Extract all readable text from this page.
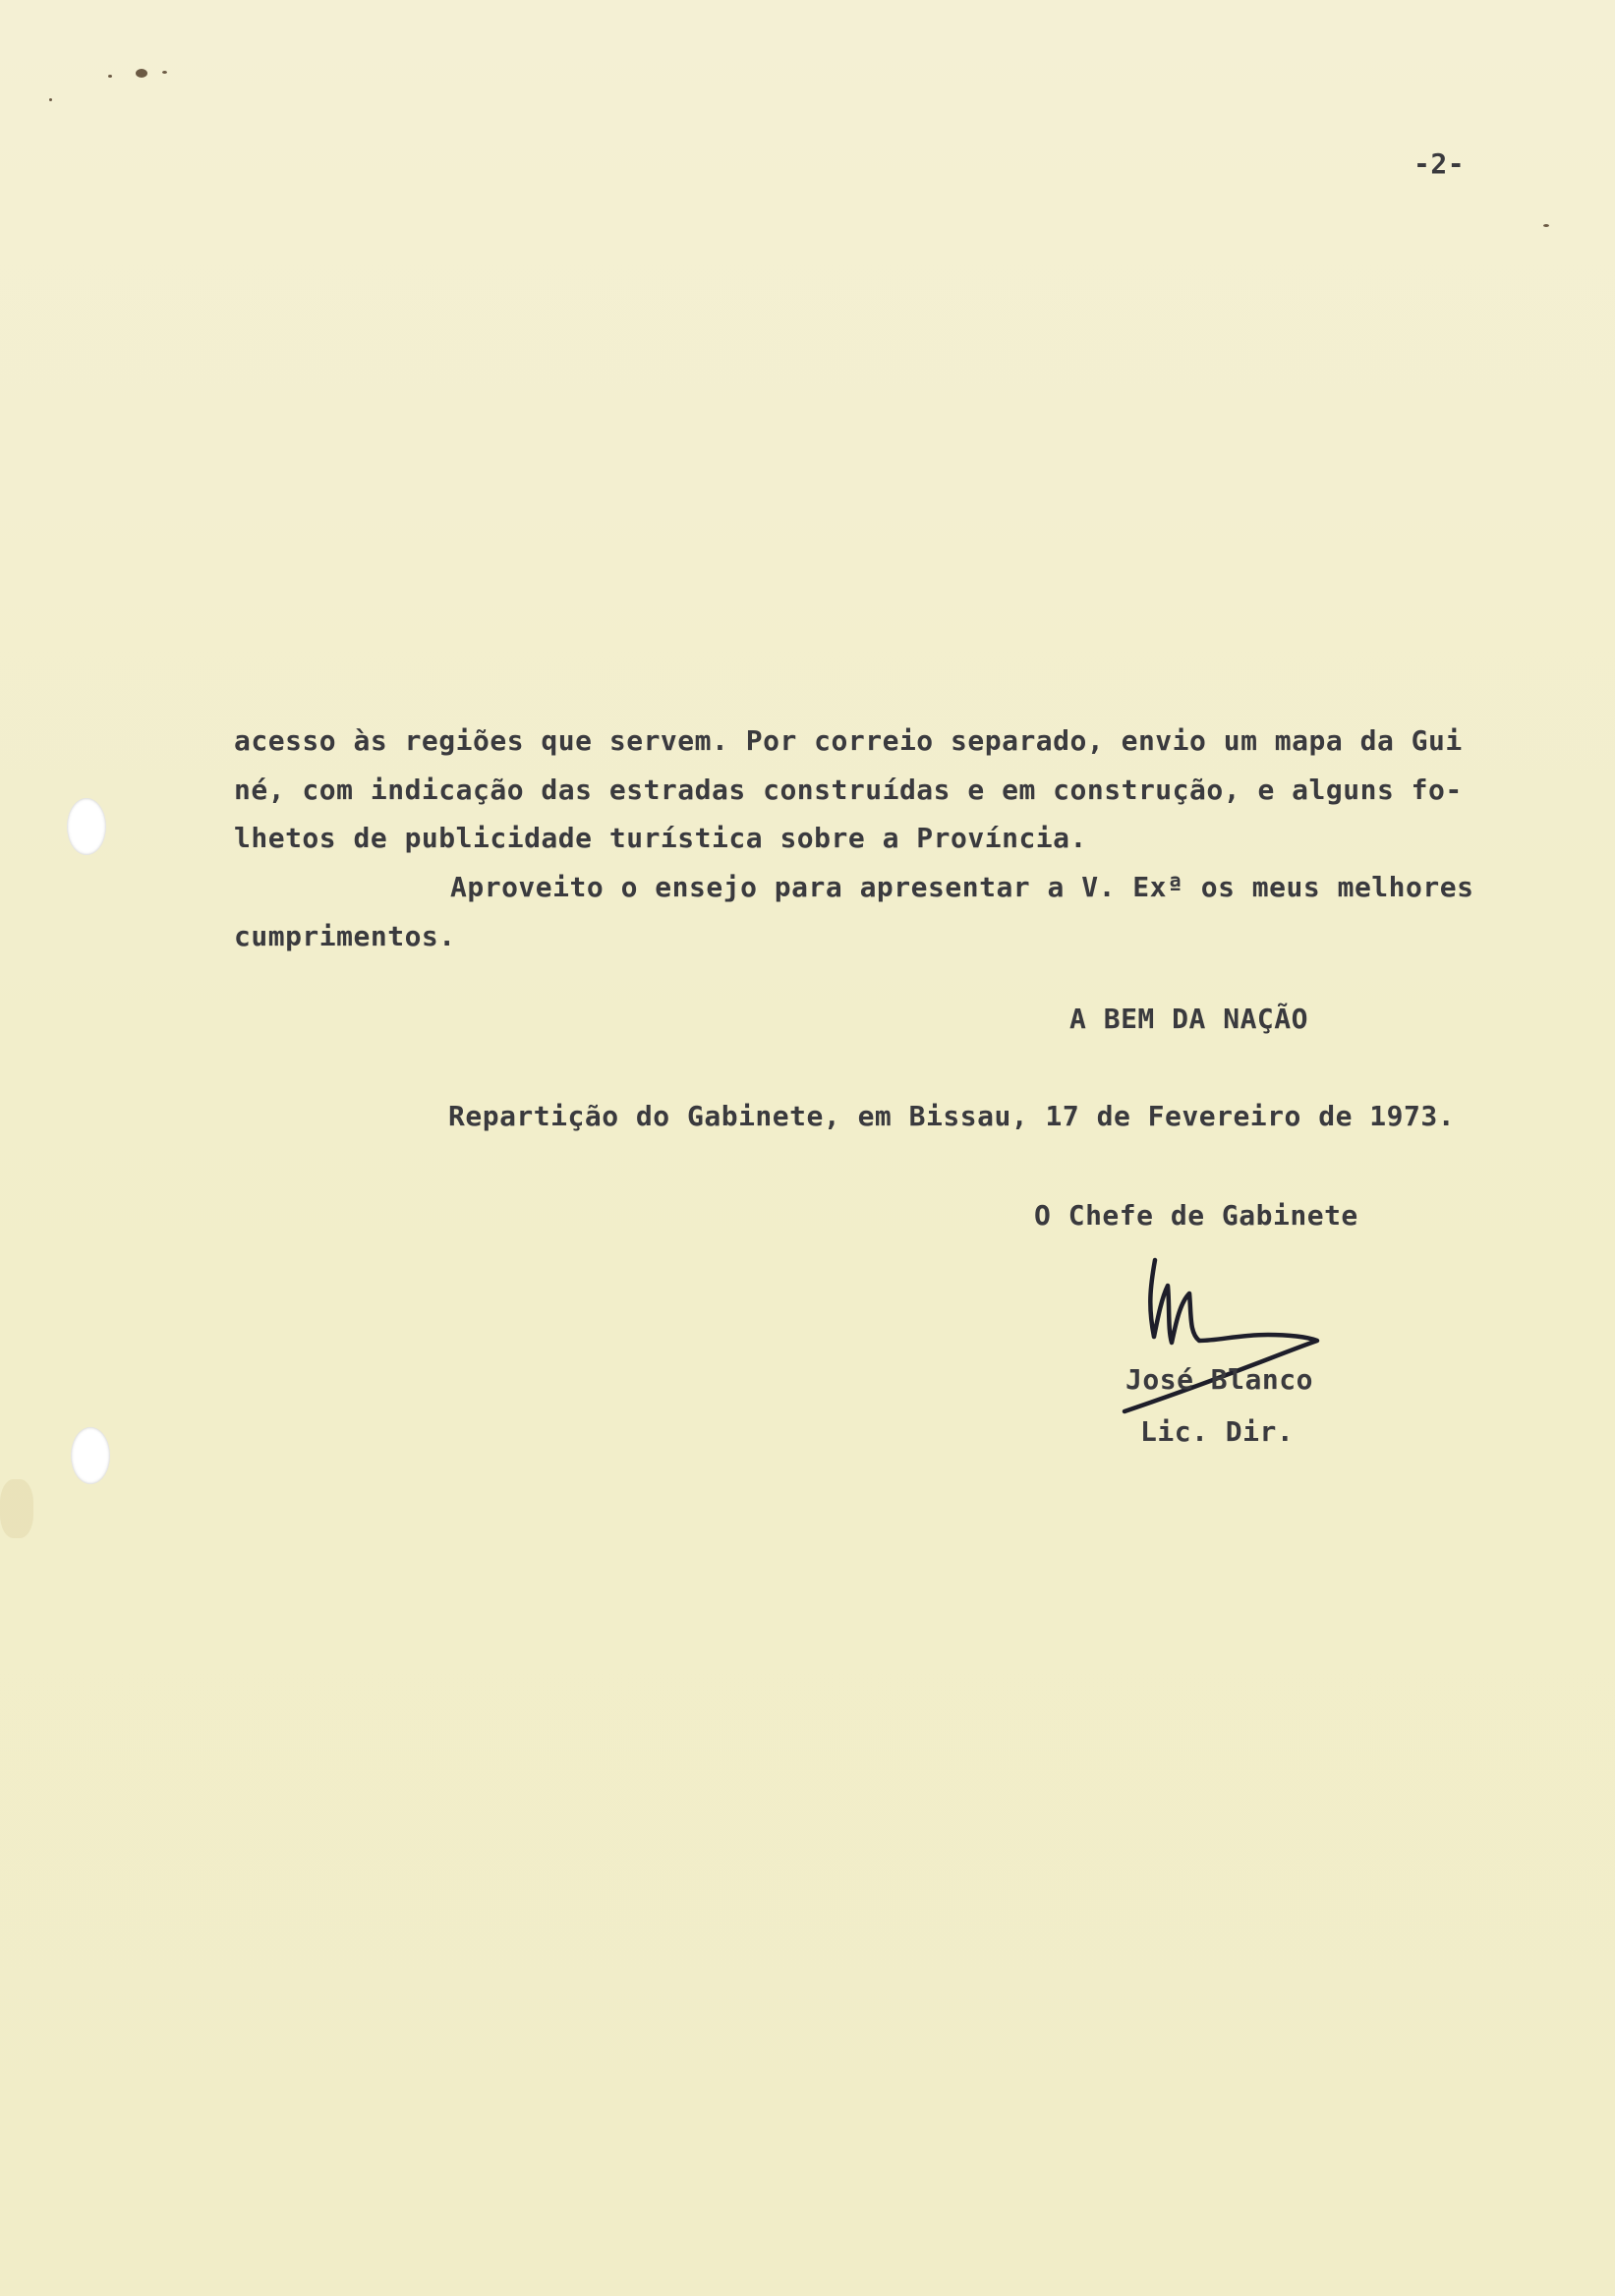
-2-
acesso às regiões que servem. Por correio separado, envio um mapa da Gui
né, com indicação das estradas construídas e em construção, e alguns fo-
lhetos de publicidade turística sobre a Província.
Aproveito o ensejo para apresentar a V. Exª os meus melhores
cumprimentos.
A BEM DA NAÇÃO
Repartição do Gabinete, em Bissau, 17 de Fevereiro de 1973.
O Chefe de Gabinete
José Blanco
Lic. Dir.
